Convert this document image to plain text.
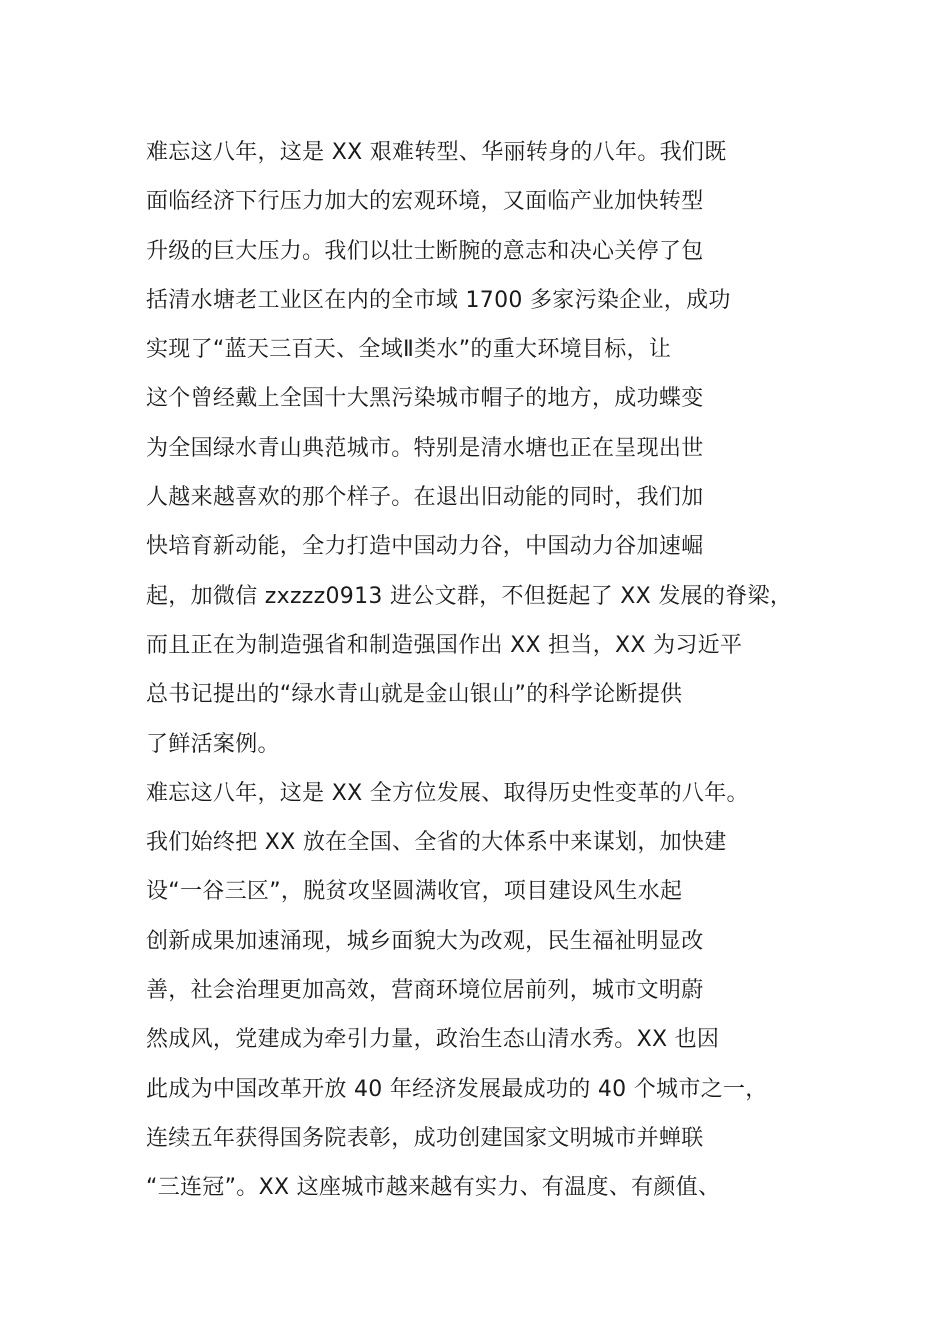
难忘这八年，这是 XX 艰难转型、华丽转身的八年。我们既
面临经济下行压力加大的宏观环境，又面临产业加快转型
升级的巨大压力。我们以壮士断腕的意志和决心关停了包
括清水塘老工业区在内的全市域 1700 多家污染企业，成功
实现了“蓝天三百天、全域Ⅱ类水”的重大环境目标，让
这个曾经戴上全国十大黑污染城市帽子的地方，成功蝶变
为全国绿水青山典范城市。特别是清水塘也正在呈现出世
人越来越喜欢的那个样子。在退出旧动能的同时，我们加
快培育新动能，全力打造中国动力谷，中国动力谷加速崛
起，加微信 zxzzz0913 进公文群，不但挺起了 XX 发展的脊梁，
而且正在为制造强省和制造强国作出 XX 担当，XX 为习近平
总书记提出的“绿水青山就是金山银山”的科学论断提供
了鲜活案例。
难忘这八年，这是 XX 全方位发展、取得历史性变革的八年。
我们始终把 XX 放在全国、全省的大体系中来谋划，加快建
设“一谷三区”，脱贫攻坚圆满收官，项目建设风生水起
创新成果加速涌现，城乡面貌大为改观，民生福祉明显改
善，社会治理更加高效，营商环境位居前列，城市文明蔚
然成风，党建成为牵引力量，政治生态山清水秀。XX 也因
此成为中国改革开放 40 年经济发展最成功的 40 个城市之一，
连续五年获得国务院表彰，成功创建国家文明城市并蝉联
“三连冠”。XX 这座城市越来越有实力、有温度、有颜值、
